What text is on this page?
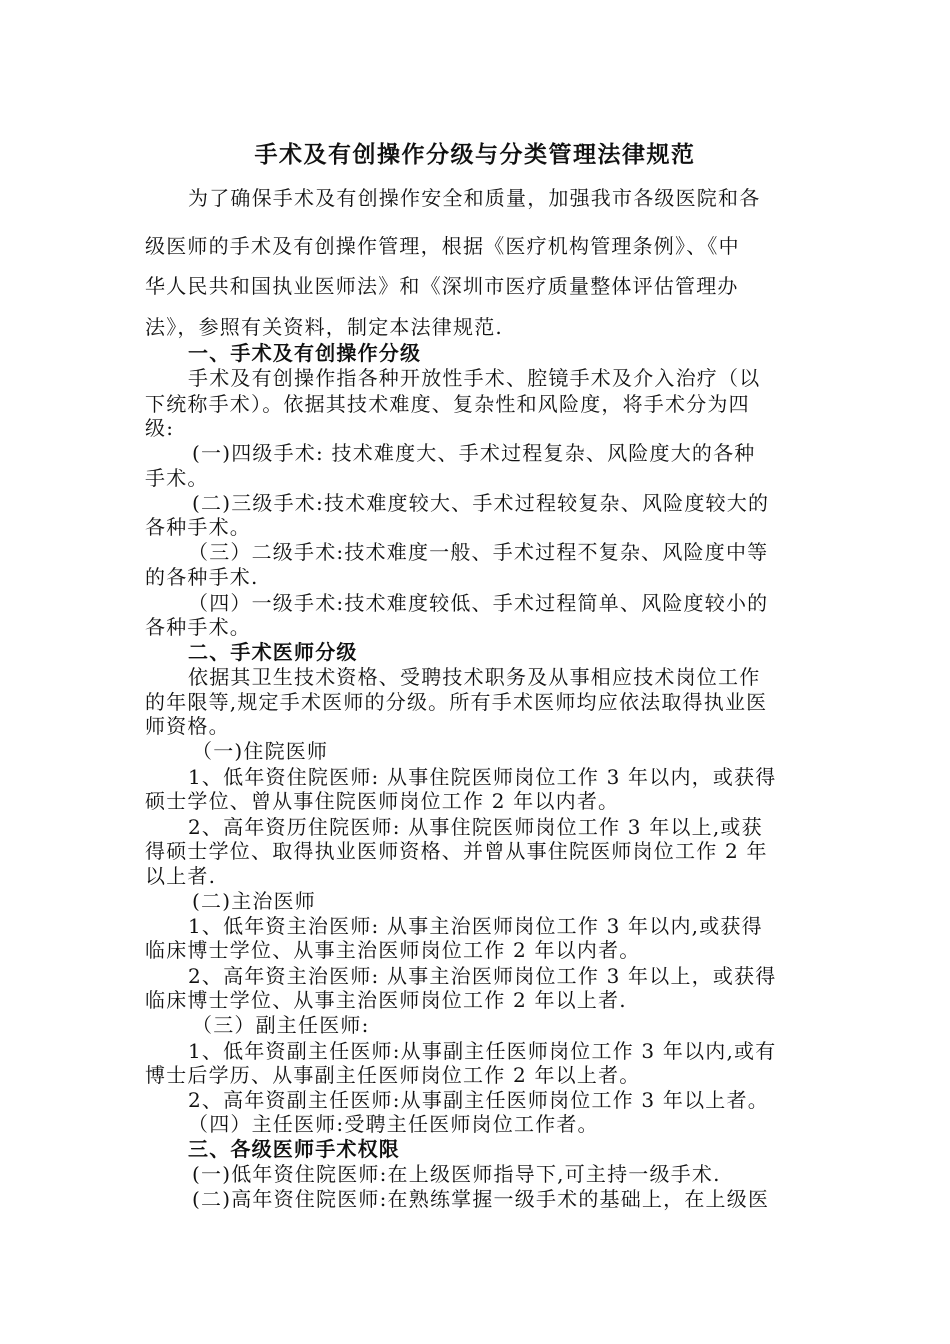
手术及有创操作分级与分类管理法律规范
为了确保手术及有创操作安全和质量，加强我市各级医院和各
级医师的手术及有创操作管理，根据《医疗机构管理条例》、《中
华人民共和国执业医师法》和《深圳市医疗质量整体评估管理办
法》，参照有关资料，制定本法律规范.
一、手术及有创操作分级
手术及有创操作指各种开放性手术、腔镜手术及介入治疗（以
下统称手术）。依据其技术难度、复杂性和风险度，将手术分为四
级:
(一)四级手术: 技术难度大、手术过程复杂、风险度大的各种
手术。
(二)三级手术:技术难度较大、手术过程较复杂、风险度较大的
各种手术。
（三）二级手术:技术难度一般、手术过程不复杂、风险度中等
的各种手术.
（四）一级手术:技术难度较低、手术过程简单、风险度较小的
各种手术。
二、手术医师分级
依据其卫生技术资格、受聘技术职务及从事相应技术岗位工作
的年限等,规定手术医师的分级。所有手术医师均应依法取得执业医
师资格。
（一)住院医师
1、低年资住院医师: 从事住院医师岗位工作 3 年以内，或获得
硕士学位、曾从事住院医师岗位工作 2 年以内者。
2、高年资历住院医师: 从事住院医师岗位工作 3 年以上,或获
得硕士学位、取得执业医师资格、并曾从事住院医师岗位工作 2 年
以上者.
(二)主治医师
1、低年资主治医师: 从事主治医师岗位工作 3 年以内,或获得
临床博士学位、从事主治医师岗位工作 2 年以内者。
2、高年资主治医师: 从事主治医师岗位工作 3 年以上，或获得
临床博士学位、从事主治医师岗位工作 2 年以上者.
（三）副主任医师:
1、低年资副主任医师:从事副主任医师岗位工作 3 年以内,或有
博士后学历、从事副主任医师岗位工作 2 年以上者。
2、高年资副主任医师:从事副主任医师岗位工作 3 年以上者。
（四）主任医师:受聘主任医师岗位工作者。
三、各级医师手术权限
(一)低年资住院医师:在上级医师指导下,可主持一级手术.
(二)高年资住院医师:在熟练掌握一级手术的基础上，在上级医
